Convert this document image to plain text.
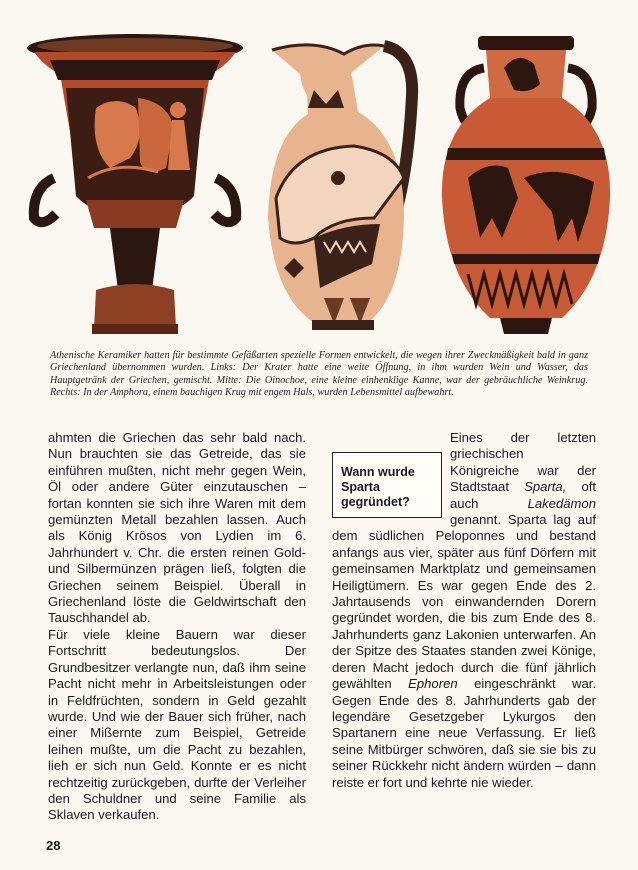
Athenische Keramiker hatten für bestimmte Gefäßarten spezielle Formen entwickelt, die wegen ihrer Zweckmäßigkeit bald in ganz Griechenland übernommen wurden. Links: Der Krater hatte eine weite Öffnung, in ihm wurden Wein und Wasser, das Hauptgetränk der Griechen, gemischt. Mitte: Die Oinochoe, eine kleine einhenklige Kanne, war der gebräuchliche Weinkrug. Rechts: In der Amphora, einem bauchigen Krug mit engem Hals, wurden Lebensmittel aufbewahrt.

ahmten die Griechen das sehr bald nach. Nun brauchten sie das Getreide, das sie einführen mußten, nicht mehr gegen Wein, Öl oder andere Güter einzutauschen – fortan konnten sie sich ihre Waren mit dem gemünzten Metall bezahlen lassen. Auch als König Krösos von Lydien im 6. Jahrhundert v. Chr. die ersten reinen Gold- und Silbermünzen prägen ließ, folgten die Griechen seinem Beispiel. Überall in Griechenland löste die Geldwirtschaft den Tauschhandel ab.

Für viele kleine Bauern war dieser Fortschritt bedeutungslos. Der Grundbesitzer verlangte nun, daß ihm seine Pacht nicht mehr in Arbeitsleistungen oder in Feldfrüchten, sondern in Geld gezahlt wurde. Und wie der Bauer sich früher, nach einer Mißernte zum Beispiel, Getreide leihen mußte, um die Pacht zu bezahlen, lieh er sich nun Geld. Konnte er es nicht rechtzeitig zurückgeben, durfte der Verleiher den Schuldner und seine Familie als Sklaven verkaufen.

Wann wurde Sparta gegründet?

Eines der letzten griechischen Königreiche war der Stadtstaat Sparta, oft auch	Lakedämon genannt. Sparta lag auf dem südlichen Peloponnes und bestand anfangs aus vier, später aus fünf Dörfern mit gemeinsamen Marktplatz und gemeinsamen Heiligtümern. Es war gegen Ende des 2. Jahrtausends von einwandernden Dorern gegründet worden, die bis zum Ende des 8. Jahrhunderts ganz Lakonien unterwarfen. An der Spitze des Staates standen zwei Könige, deren Macht jedoch durch die fünf jährlich gewählten Ephoren eingeschränkt war. Gegen Ende des 8. Jahrhunderts gab der legendäre Gesetzgeber Lykurgos den Spartanern eine neue Verfassung. Er ließ seine Mitbürger schwören, daß sie sie bis zu seiner Rückkehr nicht ändern würden – dann reiste er fort und kehrte nie wieder.

28
